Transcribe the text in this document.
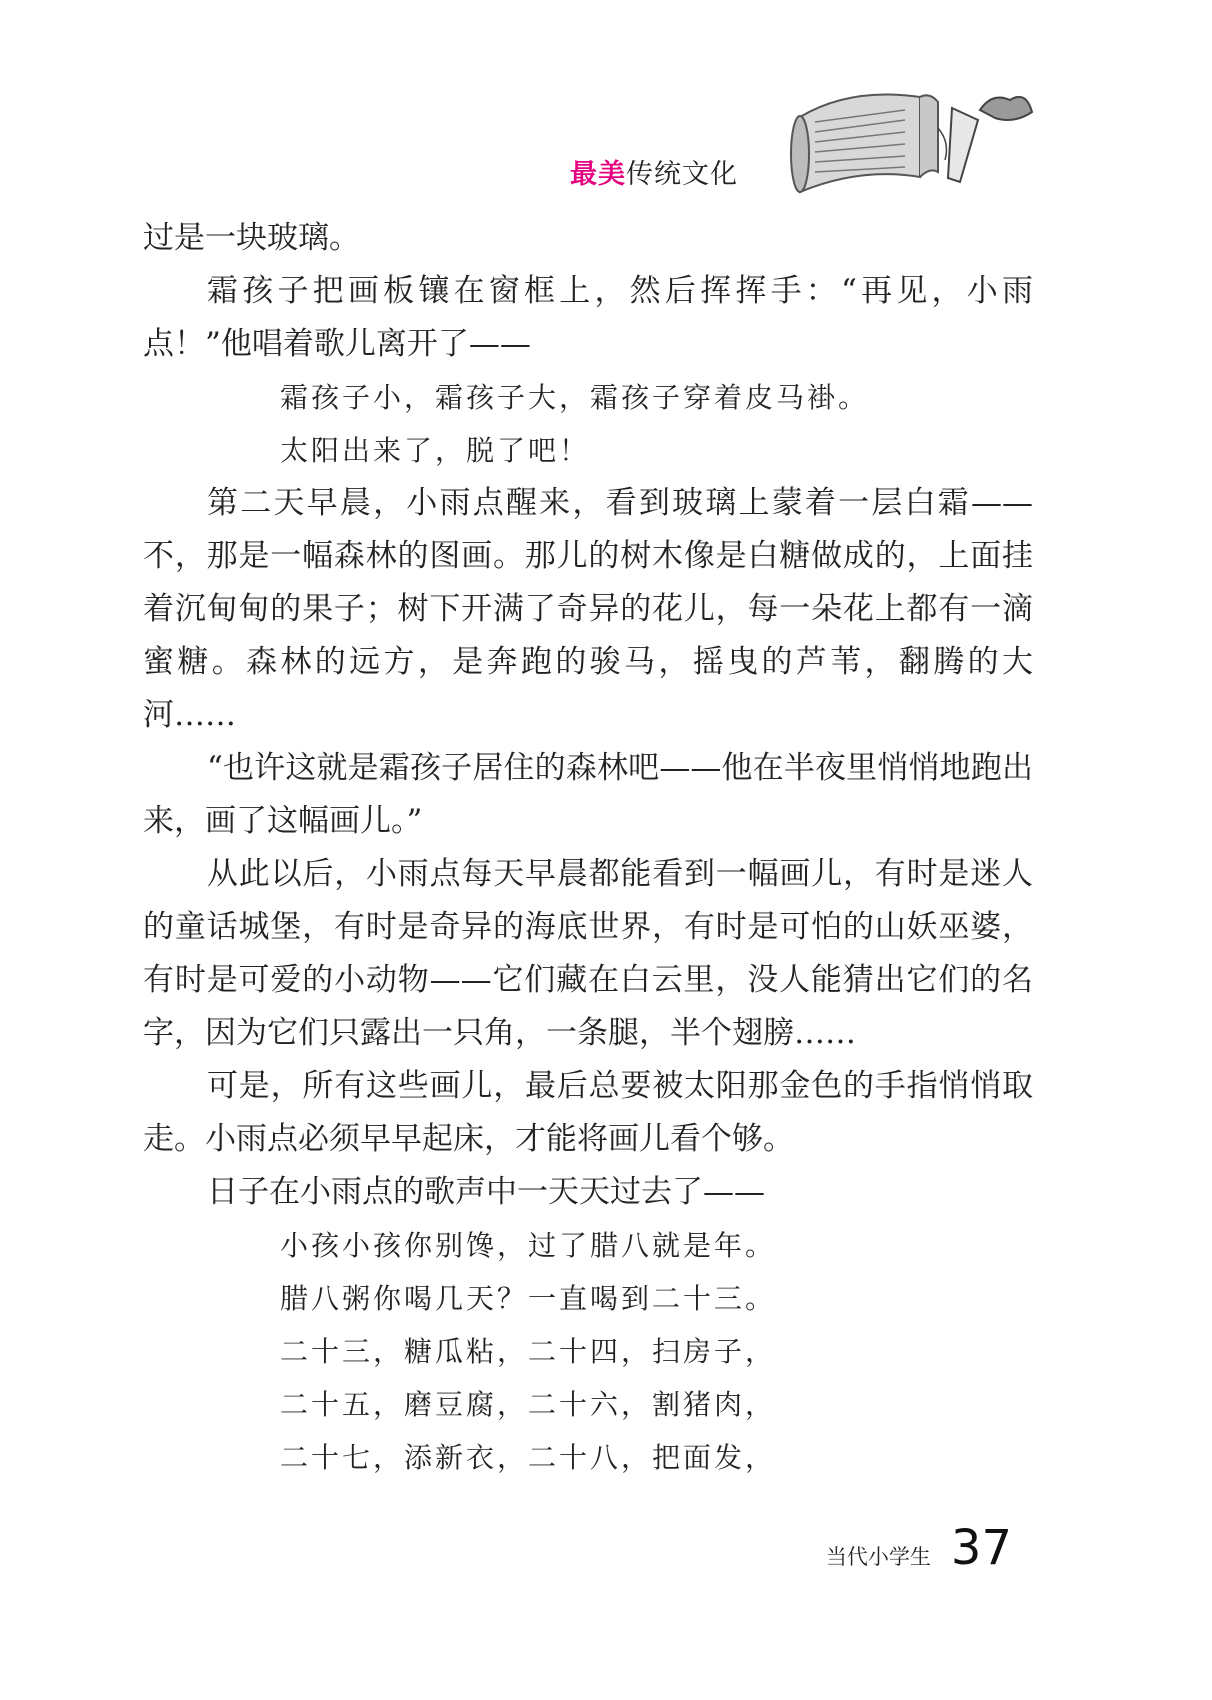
最美传统文化

过是一块玻璃。

霜孩子把画板镶在窗框上，然后挥挥手：“再见，小雨点！”他唱着歌儿离开了——

霜孩子小，霜孩子大，霜孩子穿着皮马褂。

太阳出来了，脱了吧！

第二天早晨，小雨点醒来，看到玻璃上蒙着一层白霜——不，那是一幅森林的图画。那儿的树木像是白糖做成的，上面挂着沉甸甸的果子；树下开满了奇异的花儿，每一朵花上都有一滴蜜糖。森林的远方，是奔跑的骏马，摇曳的芦苇，翻腾的大河……

“也许这就是霜孩子居住的森林吧——他在半夜里悄悄地跑出来，画了这幅画儿。”

从此以后，小雨点每天早晨都能看到一幅画儿，有时是迷人的童话城堡，有时是奇异的海底世界，有时是可怕的山妖巫婆，有时是可爱的小动物——它们藏在白云里，没人能猜出它们的名字，因为它们只露出一只角，一条腿，半个翅膀……

可是，所有这些画儿，最后总要被太阳那金色的手指悄悄取走。小雨点必须早早起床，才能将画儿看个够。

日子在小雨点的歌声中一天天过去了——

小孩小孩你别馋，过了腊八就是年。

腊八粥你喝几天？一直喝到二十三。

二十三，糖瓜粘，二十四，扫房子，

二十五，磨豆腐，二十六，割猪肉，

二十七，添新衣，二十八，把面发，

当代小学生 37
